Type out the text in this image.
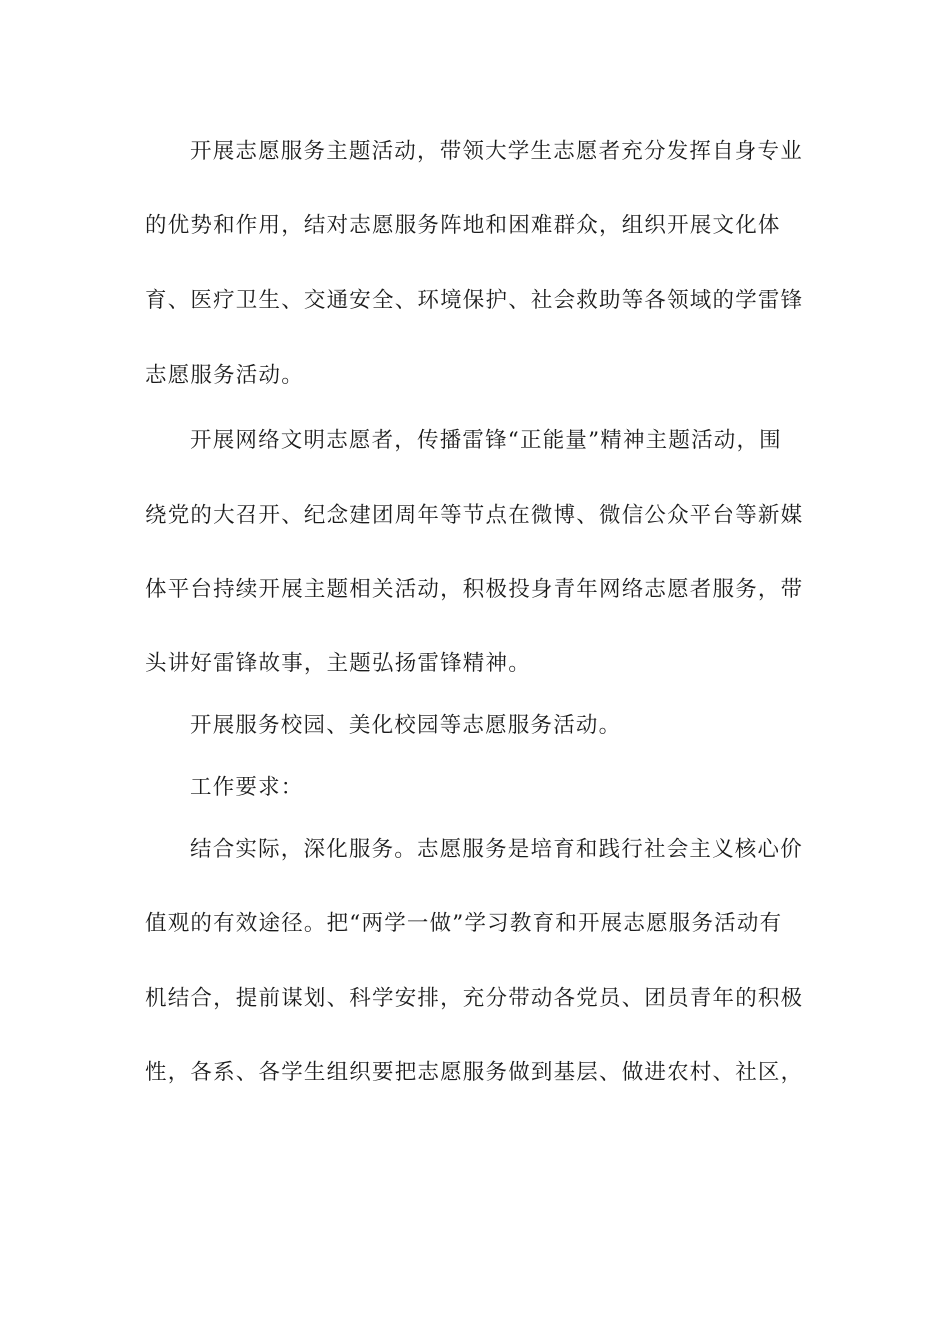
开展志愿服务主题活动，带领大学生志愿者充分发挥自身专业
的优势和作用，结对志愿服务阵地和困难群众，组织开展文化体
育、医疗卫生、交通安全、环境保护、社会救助等各领域的学雷锋
志愿服务活动。
开展网络文明志愿者，传播雷锋“正能量”精神主题活动，围
绕党的大召开、纪念建团周年等节点在微博、微信公众平台等新媒
体平台持续开展主题相关活动，积极投身青年网络志愿者服务，带
头讲好雷锋故事，主题弘扬雷锋精神。
开展服务校园、美化校园等志愿服务活动。
工作要求：
结合实际，深化服务。志愿服务是培育和践行社会主义核心价
值观的有效途径。把“两学一做”学习教育和开展志愿服务活动有
机结合，提前谋划、科学安排，充分带动各党员、团员青年的积极
性，各系、各学生组织要把志愿服务做到基层、做进农村、社区，
